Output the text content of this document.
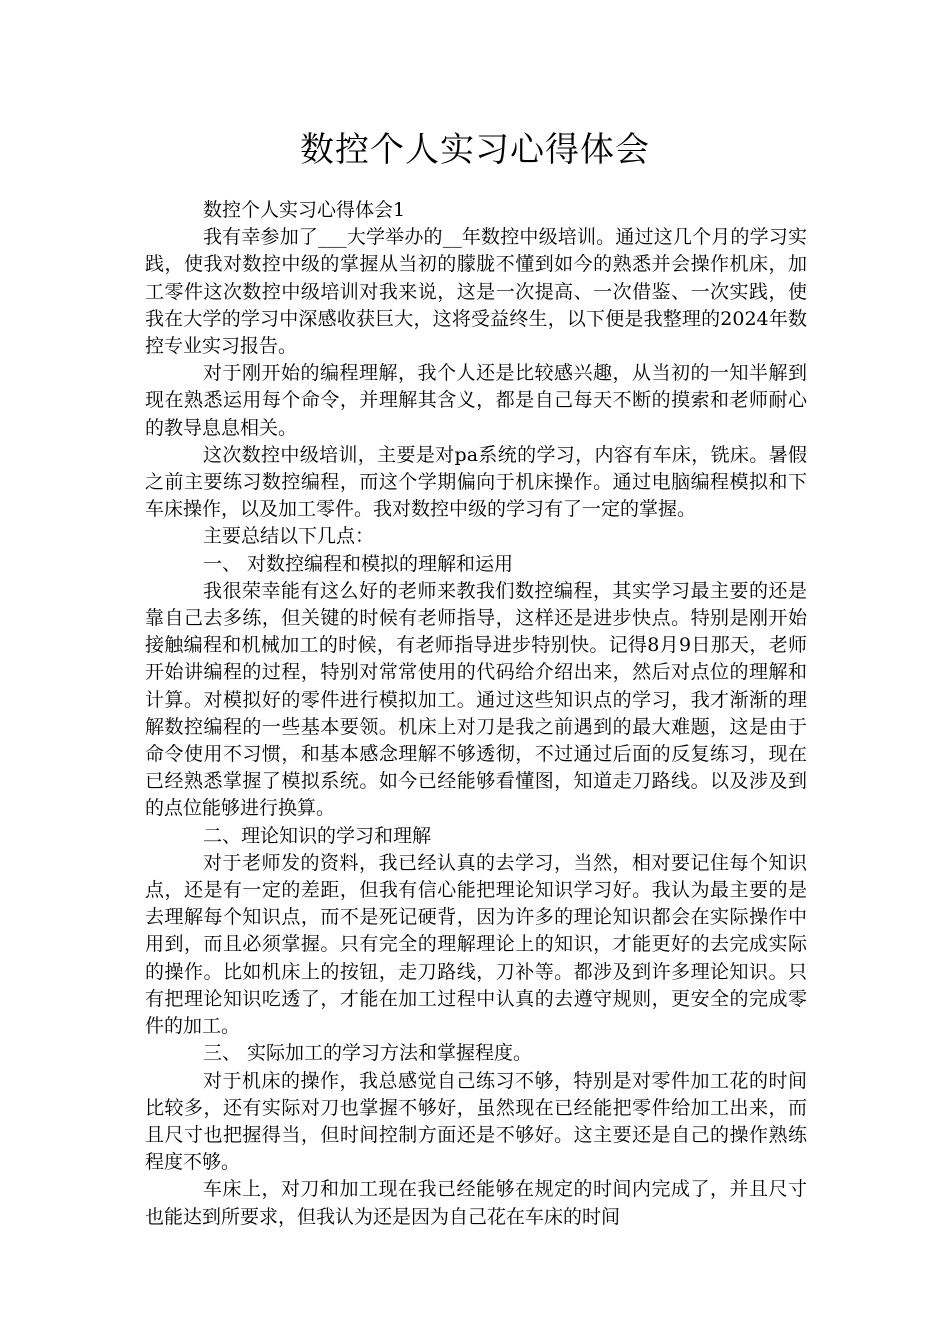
数控个人实习心得体会

数控个人实习心得体会1

我有幸参加了___大学举办的__年数控中级培训。通过这几个月的学习实践，使我对数控中级的掌握从当初的朦胧不懂到如今的熟悉并会操作机床，加工零件这次数控中级培训对我来说，这是一次提高、一次借鉴、一次实践，使我在大学的学习中深感收获巨大，这将受益终生，以下便是我整理的2024年数控专业实习报告。

对于刚开始的编程理解，我个人还是比较感兴趣，从当初的一知半解到现在熟悉运用每个命令，并理解其含义，都是自己每天不断的摸索和老师耐心的教导息息相关。

这次数控中级培训，主要是对pa系统的学习，内容有车床，铣床。暑假之前主要练习数控编程，而这个学期偏向于机床操作。通过电脑编程模拟和下车床操作，以及加工零件。我对数控中级的学习有了一定的掌握。

主要总结以下几点：

一、 对数控编程和模拟的理解和运用

我很荣幸能有这么好的老师来教我们数控编程，其实学习最主要的还是靠自己去多练，但关键的时候有老师指导，这样还是进步快点。特别是刚开始接触编程和机械加工的时候，有老师指导进步特别快。记得8月9日那天，老师开始讲编程的过程，特别对常常使用的代码给介绍出来，然后对点位的理解和计算。对模拟好的零件进行模拟加工。通过这些知识点的学习，我才渐渐的理解数控编程的一些基本要领。机床上对刀是我之前遇到的最大难题，这是由于命令使用不习惯，和基本感念理解不够透彻，不过通过后面的反复练习，现在已经熟悉掌握了模拟系统。如今已经能够看懂图，知道走刀路线。以及涉及到的点位能够进行换算。

二、理论知识的学习和理解

对于老师发的资料，我已经认真的去学习，当然，相对要记住每个知识点，还是有一定的差距，但我有信心能把理论知识学习好。我认为最主要的是去理解每个知识点，而不是死记硬背，因为许多的理论知识都会在实际操作中用到，而且必须掌握。只有完全的理解理论上的知识，才能更好的去完成实际的操作。比如机床上的按钮，走刀路线，刀补等。都涉及到许多理论知识。只有把理论知识吃透了，才能在加工过程中认真的去遵守规则，更安全的完成零件的加工。

三、 实际加工的学习方法和掌握程度。

对于机床的操作，我总感觉自己练习不够，特别是对零件加工花的时间比较多，还有实际对刀也掌握不够好，虽然现在已经能把零件给加工出来，而且尺寸也把握得当，但时间控制方面还是不够好。这主要还是自己的操作熟练程度不够。

车床上，对刀和加工现在我已经能够在规定的时间内完成了，并且尺寸也能达到所要求，但我认为还是因为自己花在车床的时间
